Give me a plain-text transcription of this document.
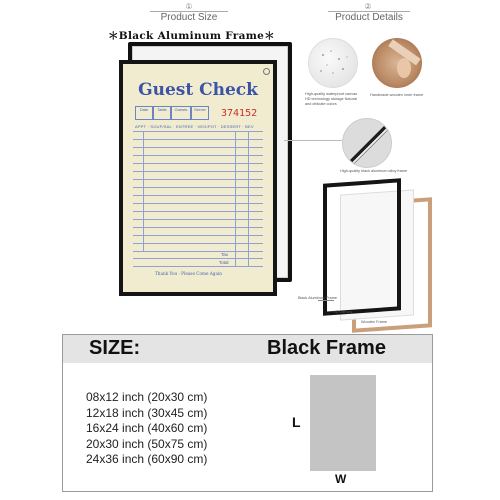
①
Product Size
②
Product Details
＊Black Aluminum Frame＊
Guest Check
Date	Table	Guests	Server	374152
APPT · SOUP/SAL · ENTREE · VEG/POT · DESSERT · BEV
Tax
Total
Thank You · Please Come Again
High-quality waterproof canvas HD technology storage Natural and delicate colors
Handmade wooden inner frame
High-quality black aluminum alloy frame
Black Aluminum Frame
HD Canvas
Wooden Frame
SIZE:	Black Frame
08x12 inch (20x30 cm)
12x18 inch (30x45 cm)
16x24 inch (40x60 cm)
20x30 inch (50x75 cm)
24x36 inch (60x90 cm)
L
W
